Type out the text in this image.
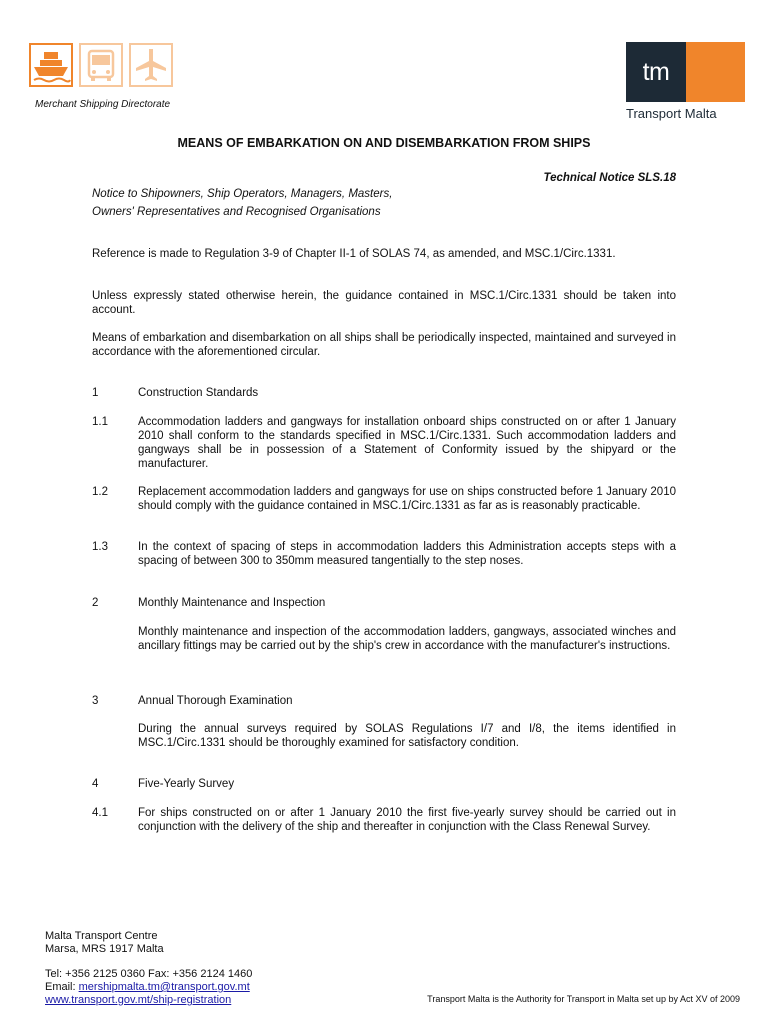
Merchant Shipping Directorate
tm
Transport Malta
MEANS OF EMBARKATION ON AND DISEMBARKATION FROM SHIPS
Technical Notice SLS.18
Notice to Shipowners, Ship Operators, Managers, Masters,
Owners' Representatives and Recognised Organisations
Reference is made to Regulation 3-9 of Chapter II-1 of SOLAS 74, as amended, and MSC.1/Circ.1331.
Unless expressly stated otherwise herein, the guidance contained in MSC.1/Circ.1331 should be taken into account.
Means of embarkation and disembarkation on all ships shall be periodically inspected, maintained and surveyed in accordance with the aforementioned circular.
1	Construction Standards
1.1	Accommodation ladders and gangways for installation onboard ships constructed on or after 1 January 2010 shall conform to the standards specified in MSC.1/Circ.1331. Such accommodation ladders and gangways shall be in possession of a Statement of Conformity issued by the shipyard or the manufacturer.
1.2	Replacement accommodation ladders and gangways for use on ships constructed before 1 January 2010 should comply with the guidance contained in MSC.1/Circ.1331 as far as is reasonably practicable.
1.3	In the context of spacing of steps in accommodation ladders this Administration accepts steps with a spacing of between 300 to 350mm measured tangentially to the step noses.
2	Monthly Maintenance and Inspection
Monthly maintenance and inspection of the accommodation ladders, gangways, associated winches and ancillary fittings may be carried out by the ship's crew in accordance with the manufacturer's instructions.
3	Annual Thorough Examination
During the annual surveys required by SOLAS Regulations I/7 and I/8, the items identified in MSC.1/Circ.1331 should be thoroughly examined for satisfactory condition.
4	Five-Yearly Survey
4.1	For ships constructed on or after 1 January 2010 the first five-yearly survey should be carried out in conjunction with the delivery of the ship and thereafter in conjunction with the Class Renewal Survey.
Malta Transport Centre
Marsa, MRS 1917 Malta
Tel: +356 2125 0360 Fax: +356 2124 1460
Email: mershipmalta.tm@transport.gov.mt
www.transport.gov.mt/ship-registration	Transport Malta is the Authority for Transport in Malta set up by Act XV of 2009
